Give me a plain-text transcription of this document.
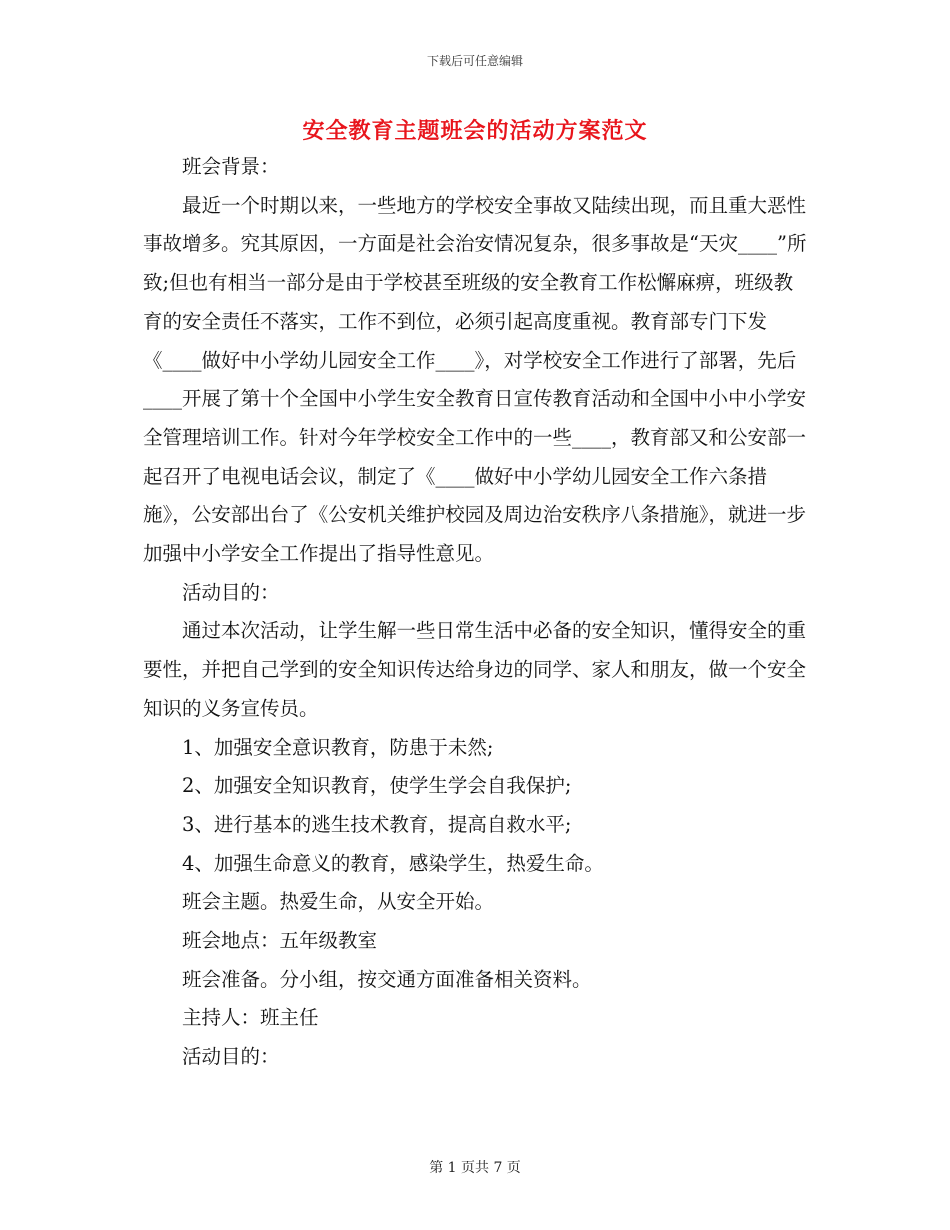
下载后可任意编辑
安全教育主题班会的活动方案范文

班会背景：

最近一个时期以来，一些地方的学校安全事故又陆续出现，而且重大恶性事故增多。究其原因，一方面是社会治安情况复杂，很多事故是“天灾____”所致;但也有相当一部分是由于学校甚至班级的安全教育工作松懈麻痹，班级教育的安全责任不落实，工作不到位，必须引起高度重视。教育部专门下发《____做好中小学幼儿园安全工作____》，对学校安全工作进行了部署，先后____开展了第十个全国中小学生安全教育日宣传教育活动和全国中小中小学安全管理培训工作。针对今年学校安全工作中的一些____，教育部又和公安部一起召开了电视电话会议，制定了《____做好中小学幼儿园安全工作六条措施》，公安部出台了《公安机关维护校园及周边治安秩序八条措施》，就进一步加强中小学安全工作提出了指导性意见。

活动目的：

通过本次活动，让学生解一些日常生活中必备的安全知识，懂得安全的重要性，并把自己学到的安全知识传达给身边的同学、家人和朋友，做一个安全知识的义务宣传员。

1、加强安全意识教育，防患于未然;

2、加强安全知识教育，使学生学会自我保护;

3、进行基本的逃生技术教育，提高自救水平;

4、加强生命意义的教育，感染学生，热爱生命。

班会主题。热爱生命，从安全开始。

班会地点：五年级教室

班会准备。分小组，按交通方面准备相关资料。

主持人：班主任

活动目的：

第 1 页共 7 页
